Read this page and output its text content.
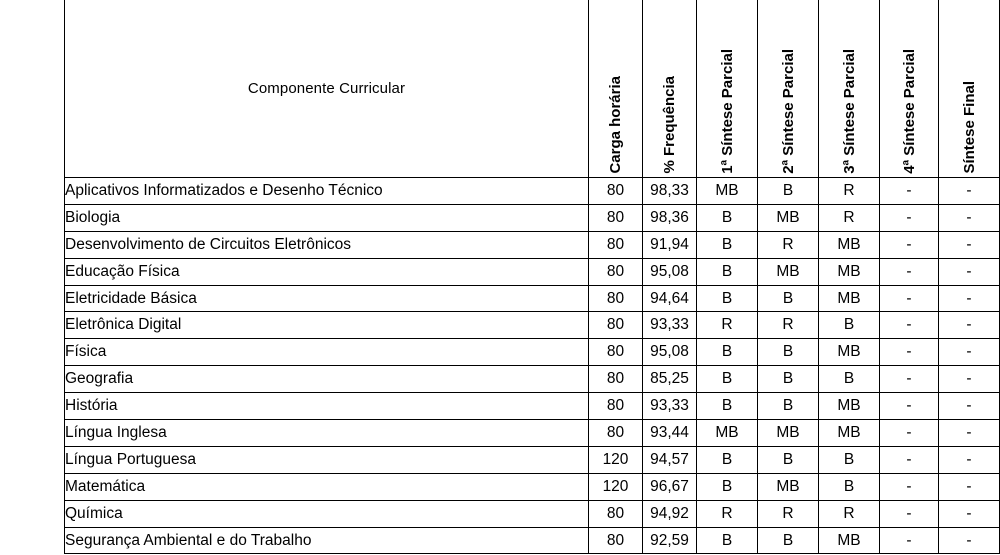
Componente Curricular	Carga horária	% Frequência	1ª Síntese Parcial	2ª Síntese Parcial	3ª Síntese Parcial	4ª Síntese Parcial	Síntese Final

Aplicativos Informatizados e Desenho Técnico	80	98,33	MB	B	R	-	-
Biologia	80	98,36	B	MB	R	-	-
Desenvolvimento de Circuitos Eletrônicos	80	91,94	B	R	MB	-	-
Educação Física	80	95,08	B	MB	MB	-	-
Eletricidade Básica	80	94,64	B	B	MB	-	-
Eletrônica Digital	80	93,33	R	R	B	-	-
Física	80	95,08	B	B	MB	-	-
Geografia	80	85,25	B	B	B	-	-
História	80	93,33	B	B	MB	-	-
Língua Inglesa	80	93,44	MB	MB	MB	-	-
Língua Portuguesa	120	94,57	B	B	B	-	-
Matemática	120	96,67	B	MB	B	-	-
Química	80	94,92	R	R	R	-	-
Segurança Ambiental e do Trabalho	80	92,59	B	B	MB	-	-
